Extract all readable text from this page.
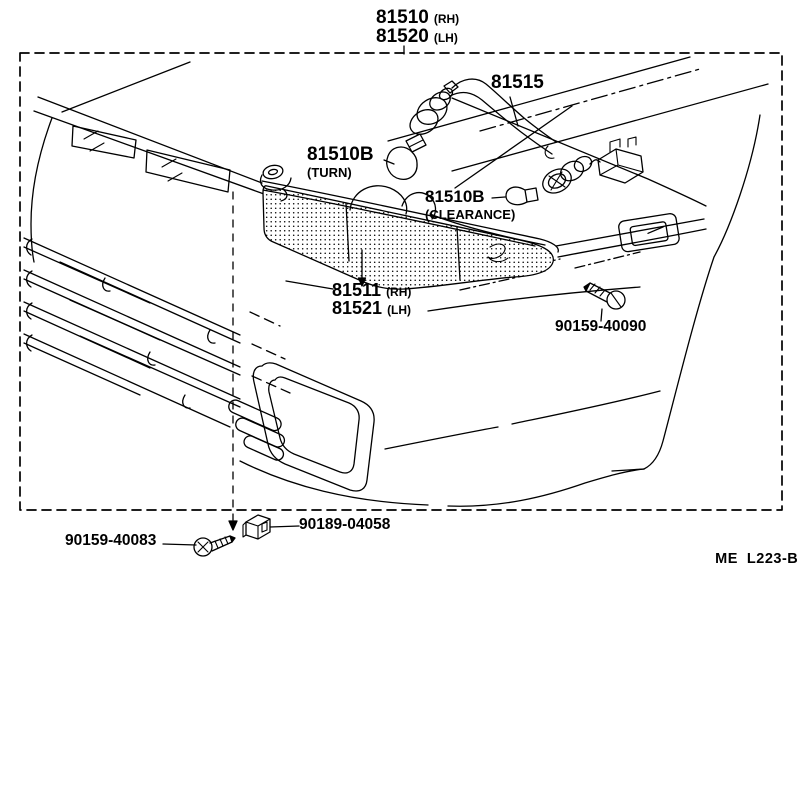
81510 (RH)
81520 (LH)
81515
81510B
(TURN)
81510B
(CLEARANCE)
81511 (RH)
81521 (LH)
90159-40090
90159-40083
90189-04058

ME  L223-B
